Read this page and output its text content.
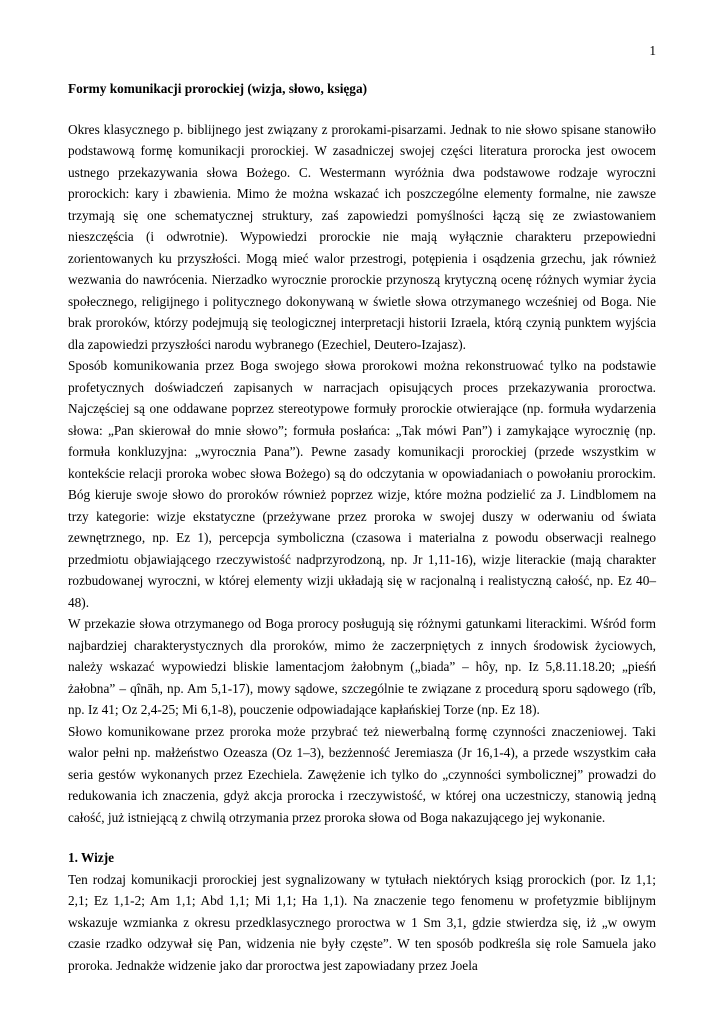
1

Formy komunikacji prorockiej (wizja, słowo, księga)

Okres klasycznego p. biblijnego jest związany z prorokami-pisarzami. Jednak to nie słowo spisane stanowiło podstawową formę komunikacji prorockiej. W zasadniczej swojej części literatura prorocka jest owocem ustnego przekazywania słowa Bożego. C. Westermann wyróżnia dwa podstawowe rodzaje wyroczni prorockich: kary i zbawienia. Mimo że można wskazać ich poszczególne elementy formalne, nie zawsze trzymają się one schematycznej struktury, zaś zapowiedzi pomyślności łączą się ze zwiastowaniem nieszczęścia (i odwrotnie). Wypowiedzi prorockie nie mają wyłącznie charakteru przepowiedni zorientowanych ku przyszłości. Mogą mieć walor przestrogi, potępienia i osądzenia grzechu, jak również wezwania do nawrócenia. Nierzadko wyrocznie prorockie przynoszą krytyczną ocenę różnych wymiar życia społecznego, religijnego i politycznego dokonywaną w świetle słowa otrzymanego wcześniej od Boga. Nie brak proroków, którzy podejmują się teologicznej interpretacji historii Izraela, którą czynią punktem wyjścia dla zapowiedzi przyszłości narodu wybranego (Ezechiel, Deutero-Izajasz).

Sposób komunikowania przez Boga swojego słowa prorokowi można rekonstruować tylko na podstawie profetycznych doświadczeń zapisanych w narracjach opisujących proces przekazywania proroctwa. Najczęściej są one oddawane poprzez stereotypowe formuły prorockie otwierające (np. formuła wydarzenia słowa: „Pan skierował do mnie słowo”; formuła posłańca: „Tak mówi Pan”) i zamykające wyrocznię (np. formuła konkluzyjna: „wyrocznia Pana”). Pewne zasady komunikacji prorockiej (przede wszystkim w kontekście relacji proroka wobec słowa Bożego) są do odczytania w opowiadaniach o powołaniu prorockim. Bóg kieruje swoje słowo do proroków również poprzez wizje, które można podzielić za J. Lindblomem na trzy kategorie: wizje ekstatyczne (przeżywane przez proroka w swojej duszy w oderwaniu od świata zewnętrznego, np. Ez 1), percepcja symboliczna (czasowa i materialna z powodu obserwacji realnego przedmiotu objawiającego rzeczywistość nadprzyrodzoną, np. Jr 1,11-16), wizje literackie (mają charakter rozbudowanej wyroczni, w której elementy wizji układają się w racjonalną i realistyczną całość, np. Ez 40–48).

W przekazie słowa otrzymanego od Boga prorocy posługują się różnymi gatunkami literackimi. Wśród form najbardziej charakterystycznych dla proroków, mimo że zaczerpniętych z innych środowisk życiowych, należy wskazać wypowiedzi bliskie lamentacjom żałobnym („biada” – hôy, np. Iz 5,8.11.18.20; „pieśń żałobna” – qînāh, np. Am 5,1-17), mowy sądowe, szczególnie te związane z procedurą sporu sądowego (rîb, np. Iz 41; Oz 2,4-25; Mi 6,1-8), pouczenie odpowiadające kapłańskiej Torze (np. Ez 18).

Słowo komunikowane przez proroka może przybrać też niewerbalną formę czynności znaczeniowej. Taki walor pełni np. małżeństwo Ozeasza (Oz 1–3), bezżenność Jeremiasza (Jr 16,1-4), a przede wszystkim cała seria gestów wykonanych przez Ezechiela. Zawężenie ich tylko do „czynności symbolicznej” prowadzi do redukowania ich znaczenia, gdyż akcja prorocka i rzeczywistość, w której ona uczestniczy, stanowią jedną całość, już istniejącą z chwilą otrzymania przez proroka słowa od Boga nakazującego jej wykonanie.

1. Wizje

Ten rodzaj komunikacji prorockiej jest sygnalizowany w tytułach niektórych ksiąg prorockich (por. Iz 1,1; 2,1; Ez 1,1-2; Am 1,1; Abd 1,1; Mi 1,1; Ha 1,1). Na znaczenie tego fenomenu w profetyzmie biblijnym wskazuje wzmianka z okresu przedklasycznego proroctwa w 1 Sm 3,1, gdzie stwierdza się, iż „w owym czasie rzadko odzywał się Pan, widzenia nie były częste”. W ten sposób podkreśla się role Samuela jako proroka. Jednakże widzenie jako dar proroctwa jest zapowiadany przez Joela
